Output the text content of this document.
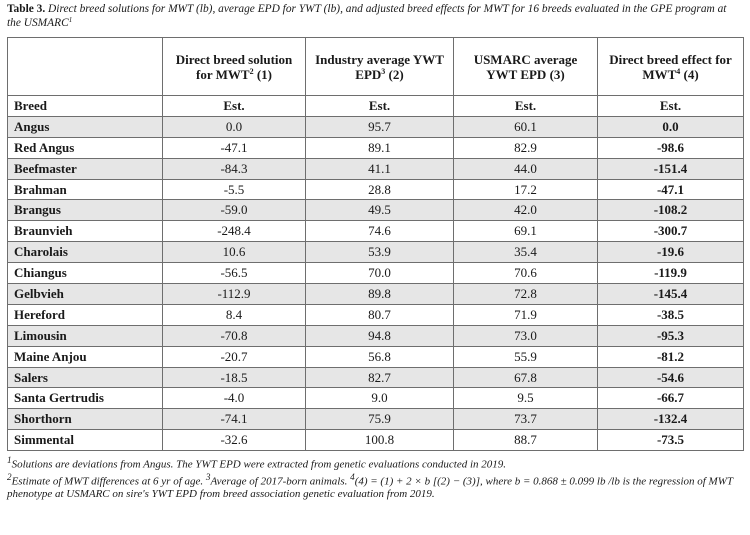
Table 3. Direct breed solutions for MWT (lb), average EPD for YWT (lb), and adjusted breed effects for MWT for 16 breeds evaluated in the GPE program at the USMARC$^1$

	Direct breed solution for MWT$^2$ (1)	Industry average YWT EPD$^3$ (2)	USMARC average YWT EPD (3)	Direct breed effect for MWT$^4$ (4)
Breed	Est.	Est.	Est.	Est.
Angus	0.0	95.7	60.1	0.0
Red Angus	-47.1	89.1	82.9	-98.6
Beefmaster	-84.3	41.1	44.0	-151.4
Brahman	-5.5	28.8	17.2	-47.1
Brangus	-59.0	49.5	42.0	-108.2
Braunvieh	-248.4	74.6	69.1	-300.7
Charolais	10.6	53.9	35.4	-19.6
Chiangus	-56.5	70.0	70.6	-119.9
Gelbvieh	-112.9	89.8	72.8	-145.4
Hereford	8.4	80.7	71.9	-38.5
Limousin	-70.8	94.8	73.0	-95.3
Maine Anjou	-20.7	56.8	55.9	-81.2
Salers	-18.5	82.7	67.8	-54.6
Santa Gertrudis	-4.0	9.0	9.5	-66.7
Shorthorn	-74.1	75.9	73.7	-132.4
Simmental	-32.6	100.8	88.7	-73.5

$^1$Solutions are deviations from Angus. The YWT EPD were extracted from genetic evaluations conducted in 2019.

$^2$Estimate of MWT differences at 6 yr of age. $^3$Average of 2017-born animals. $^4$(4) = (1) + 2 × b [(2) − (3)], where b = 0.868 ± 0.099 lb /lb is the regression of MWT phenotype at USMARC on sire's YWT EPD from breed association genetic evaluation from 2019.
